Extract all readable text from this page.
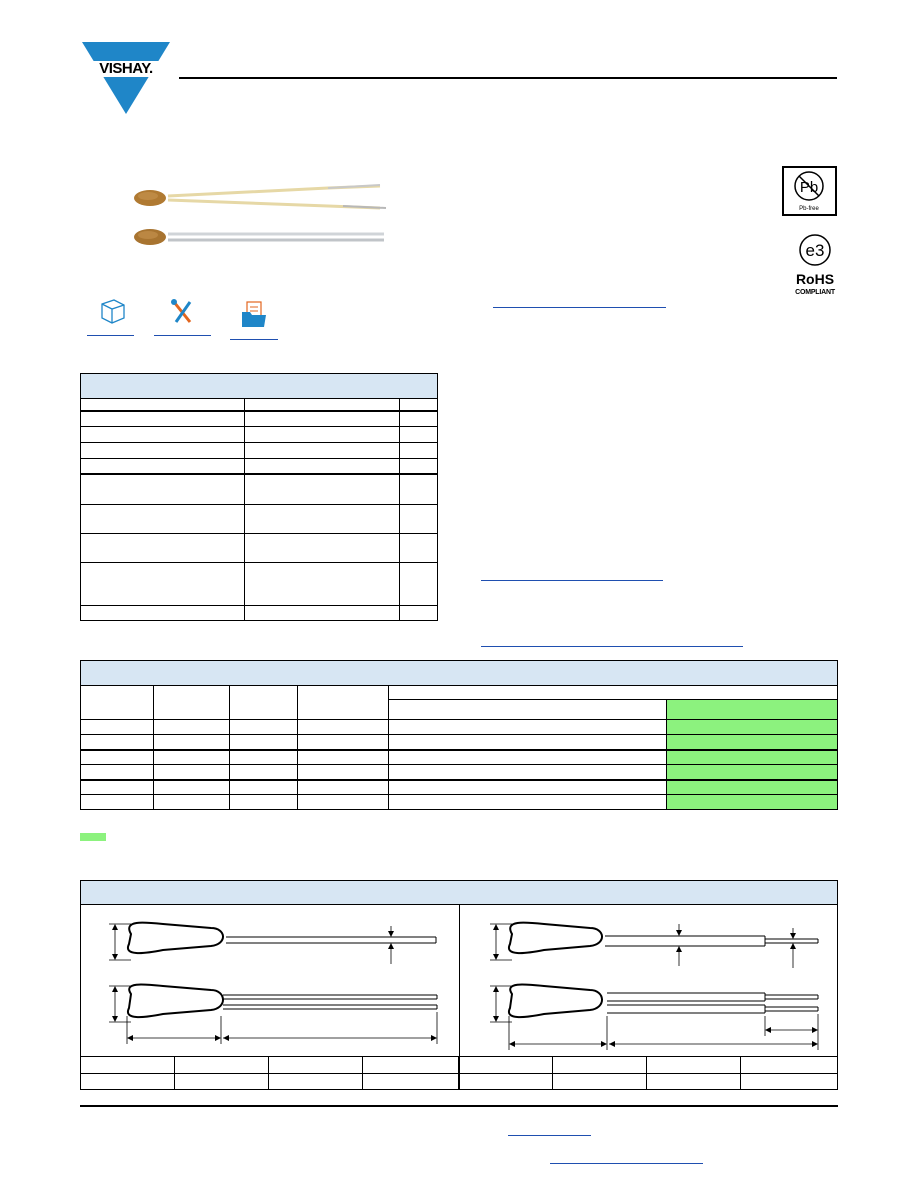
VISHAY.
Pb
Pb-free
e3
RoHS
COMPLIANT
